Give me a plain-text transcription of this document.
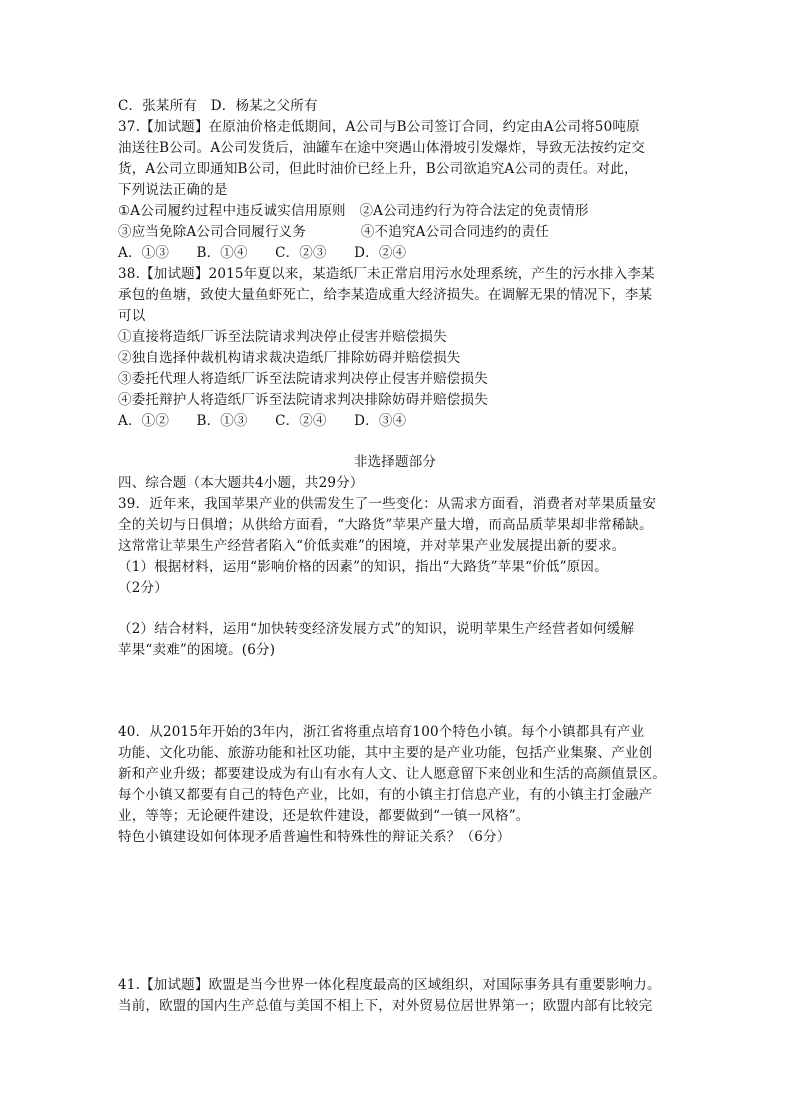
C．张某所有　D．杨某之父所有
37.【加试题】在原油价格走低期间，A公司与B公司签订合同，约定由A公司将50吨原
油送往B公司。A公司发货后，油罐车在途中突遇山体滑坡引发爆炸，导致无法按约定交
货，A公司立即通知B公司，但此时油价已经上升，B公司欲追究A公司的责任。对此，
下列说法正确的是
①A公司履约过程中违反诚实信用原则　②A公司违约行为符合法定的免责情形
③应当免除A公司合同履行义务　　　　④不追究A公司合同违约的责任
A．①③　　B．①④　　C．②③　　D．②④
38.【加试题】2015年夏以来，某造纸厂未正常启用污水处理系统，产生的污水排入李某
承包的鱼塘，致使大量鱼虾死亡，给李某造成重大经济损失。在调解无果的情况下，李某
可以
①直接将造纸厂诉至法院请求判决停止侵害并赔偿损失
②独自选择仲裁机构请求裁决造纸厂排除妨碍并赔偿损失
③委托代理人将造纸厂诉至法院请求判决停止侵害并赔偿损失
④委托辩护人将造纸厂诉至法院请求判决排除妨碍并赔偿损失
A．①②　　B．①③　　C．②④　　D．③④
非选择题部分
四、综合题（本大题共4小题，共29分）
39．近年来，我国苹果产业的供需发生了一些变化：从需求方面看，消费者对苹果质量安
全的关切与日俱增；从供给方面看，“大路货”苹果产量大增，而高品质苹果却非常稀缺。
这常常让苹果生产经营者陷入“价低卖难”的困境，并对苹果产业发展提出新的要求。
（1）根据材料，运用“影响价格的因素”的知识，指出“大路货”苹果“价低”原因。
（2分）
（2）结合材料，运用“加快转变经济发展方式”的知识，说明苹果生产经营者如何缓解
苹果“卖难”的困境。(6分)
40．从2015年开始的3年内，浙江省将重点培育100个特色小镇。每个小镇都具有产业
功能、文化功能、旅游功能和社区功能，其中主要的是产业功能，包括产业集聚、产业创
新和产业升级；都要建设成为有山有水有人文、让人愿意留下来创业和生活的高颜值景区。
每个小镇又都要有自己的特色产业，比如，有的小镇主打信息产业，有的小镇主打金融产
业，等等；无论硬件建设，还是软件建设，都要做到“一镇一风格”。
特色小镇建设如何体现矛盾普遍性和特殊性的辩证关系？（6分）
41.【加试题】欧盟是当今世界一体化程度最高的区域组织，对国际事务具有重要影响力。
当前，欧盟的国内生产总值与美国不相上下，对外贸易位居世界第一；欧盟内部有比较完
